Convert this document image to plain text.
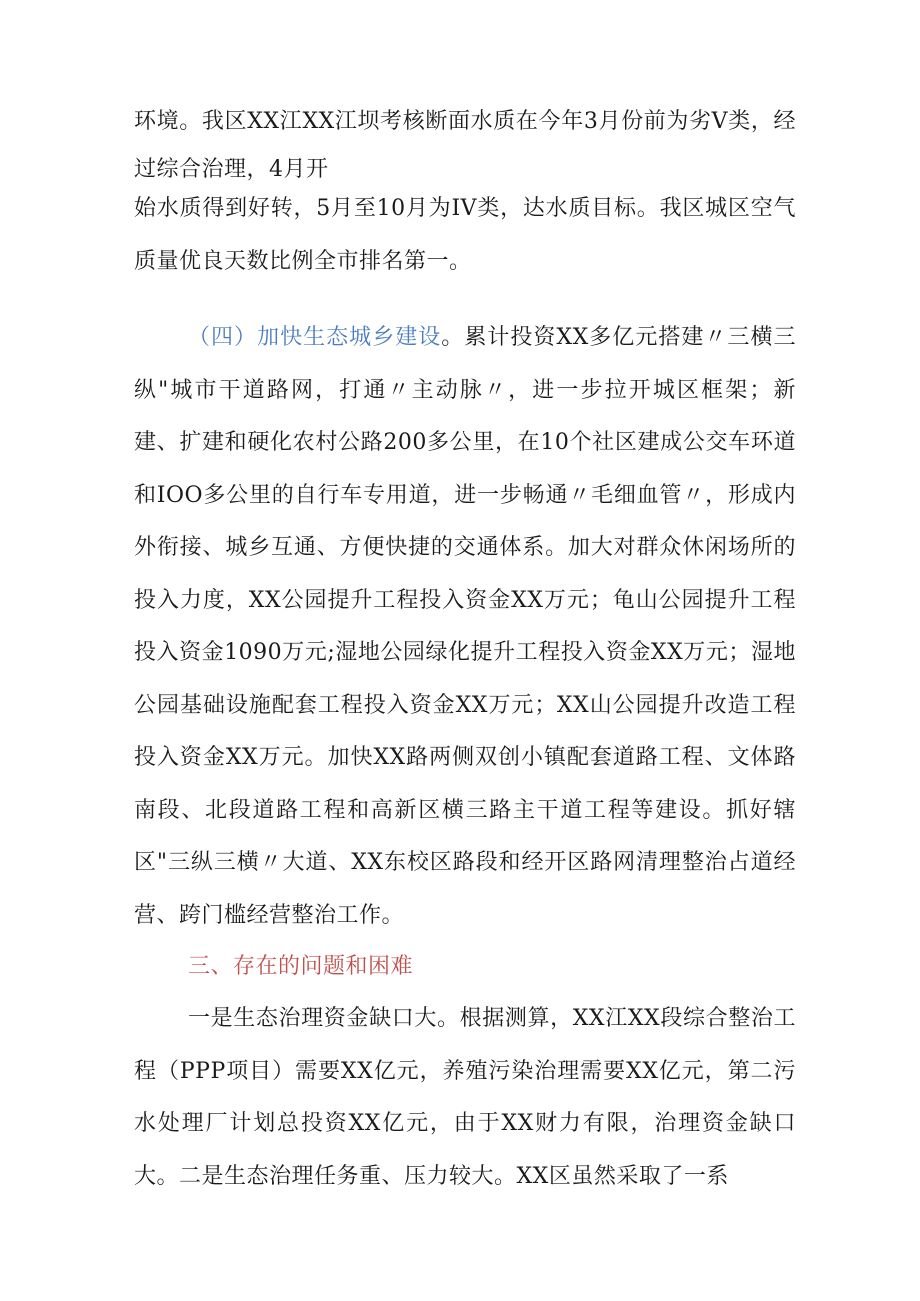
环境。我区XX江XX江坝考核断面水质在今年3月份前为劣V类，经过综合治理，4月开

始水质得到好转，5月至10月为IV类，达水质目标。我区城区空气质量优良天数比例全市排名第一。

（四）加快生态城乡建设。累计投资XX多亿元搭建〃三横三纵"城市干道路网，打通〃主动脉〃，进一步拉开城区框架；新建、扩建和硬化农村公路200多公里，在10个社区建成公交车环道和IOO多公里的自行车专用道，进一步畅通〃毛细血管〃，形成内外衔接、城乡互通、方便快捷的交通体系。加大对群众休闲场所的投入力度，XX公园提升工程投入资金XX万元；龟山公园提升工程投入资金1090万元;湿地公园绿化提升工程投入资金XX万元；湿地公园基础设施配套工程投入资金XX万元；XX山公园提升改造工程投入资金XX万元。加快XX路两侧双创小镇配套道路工程、文体路南段、北段道路工程和高新区横三路主干道工程等建设。抓好辖区"三纵三横〃大道、XX东校区路段和经开区路网清理整治占道经营、跨门槛经营整治工作。

三、存在的问题和困难

一是生态治理资金缺口大。根据测算，XX江XX段综合整治工程（PPP项目）需要XX亿元，养殖污染治理需要XX亿元，第二污水处理厂计划总投资XX亿元，由于XX财力有限，治理资金缺口大。二是生态治理任务重、压力较大。XX区虽然采取了一系
